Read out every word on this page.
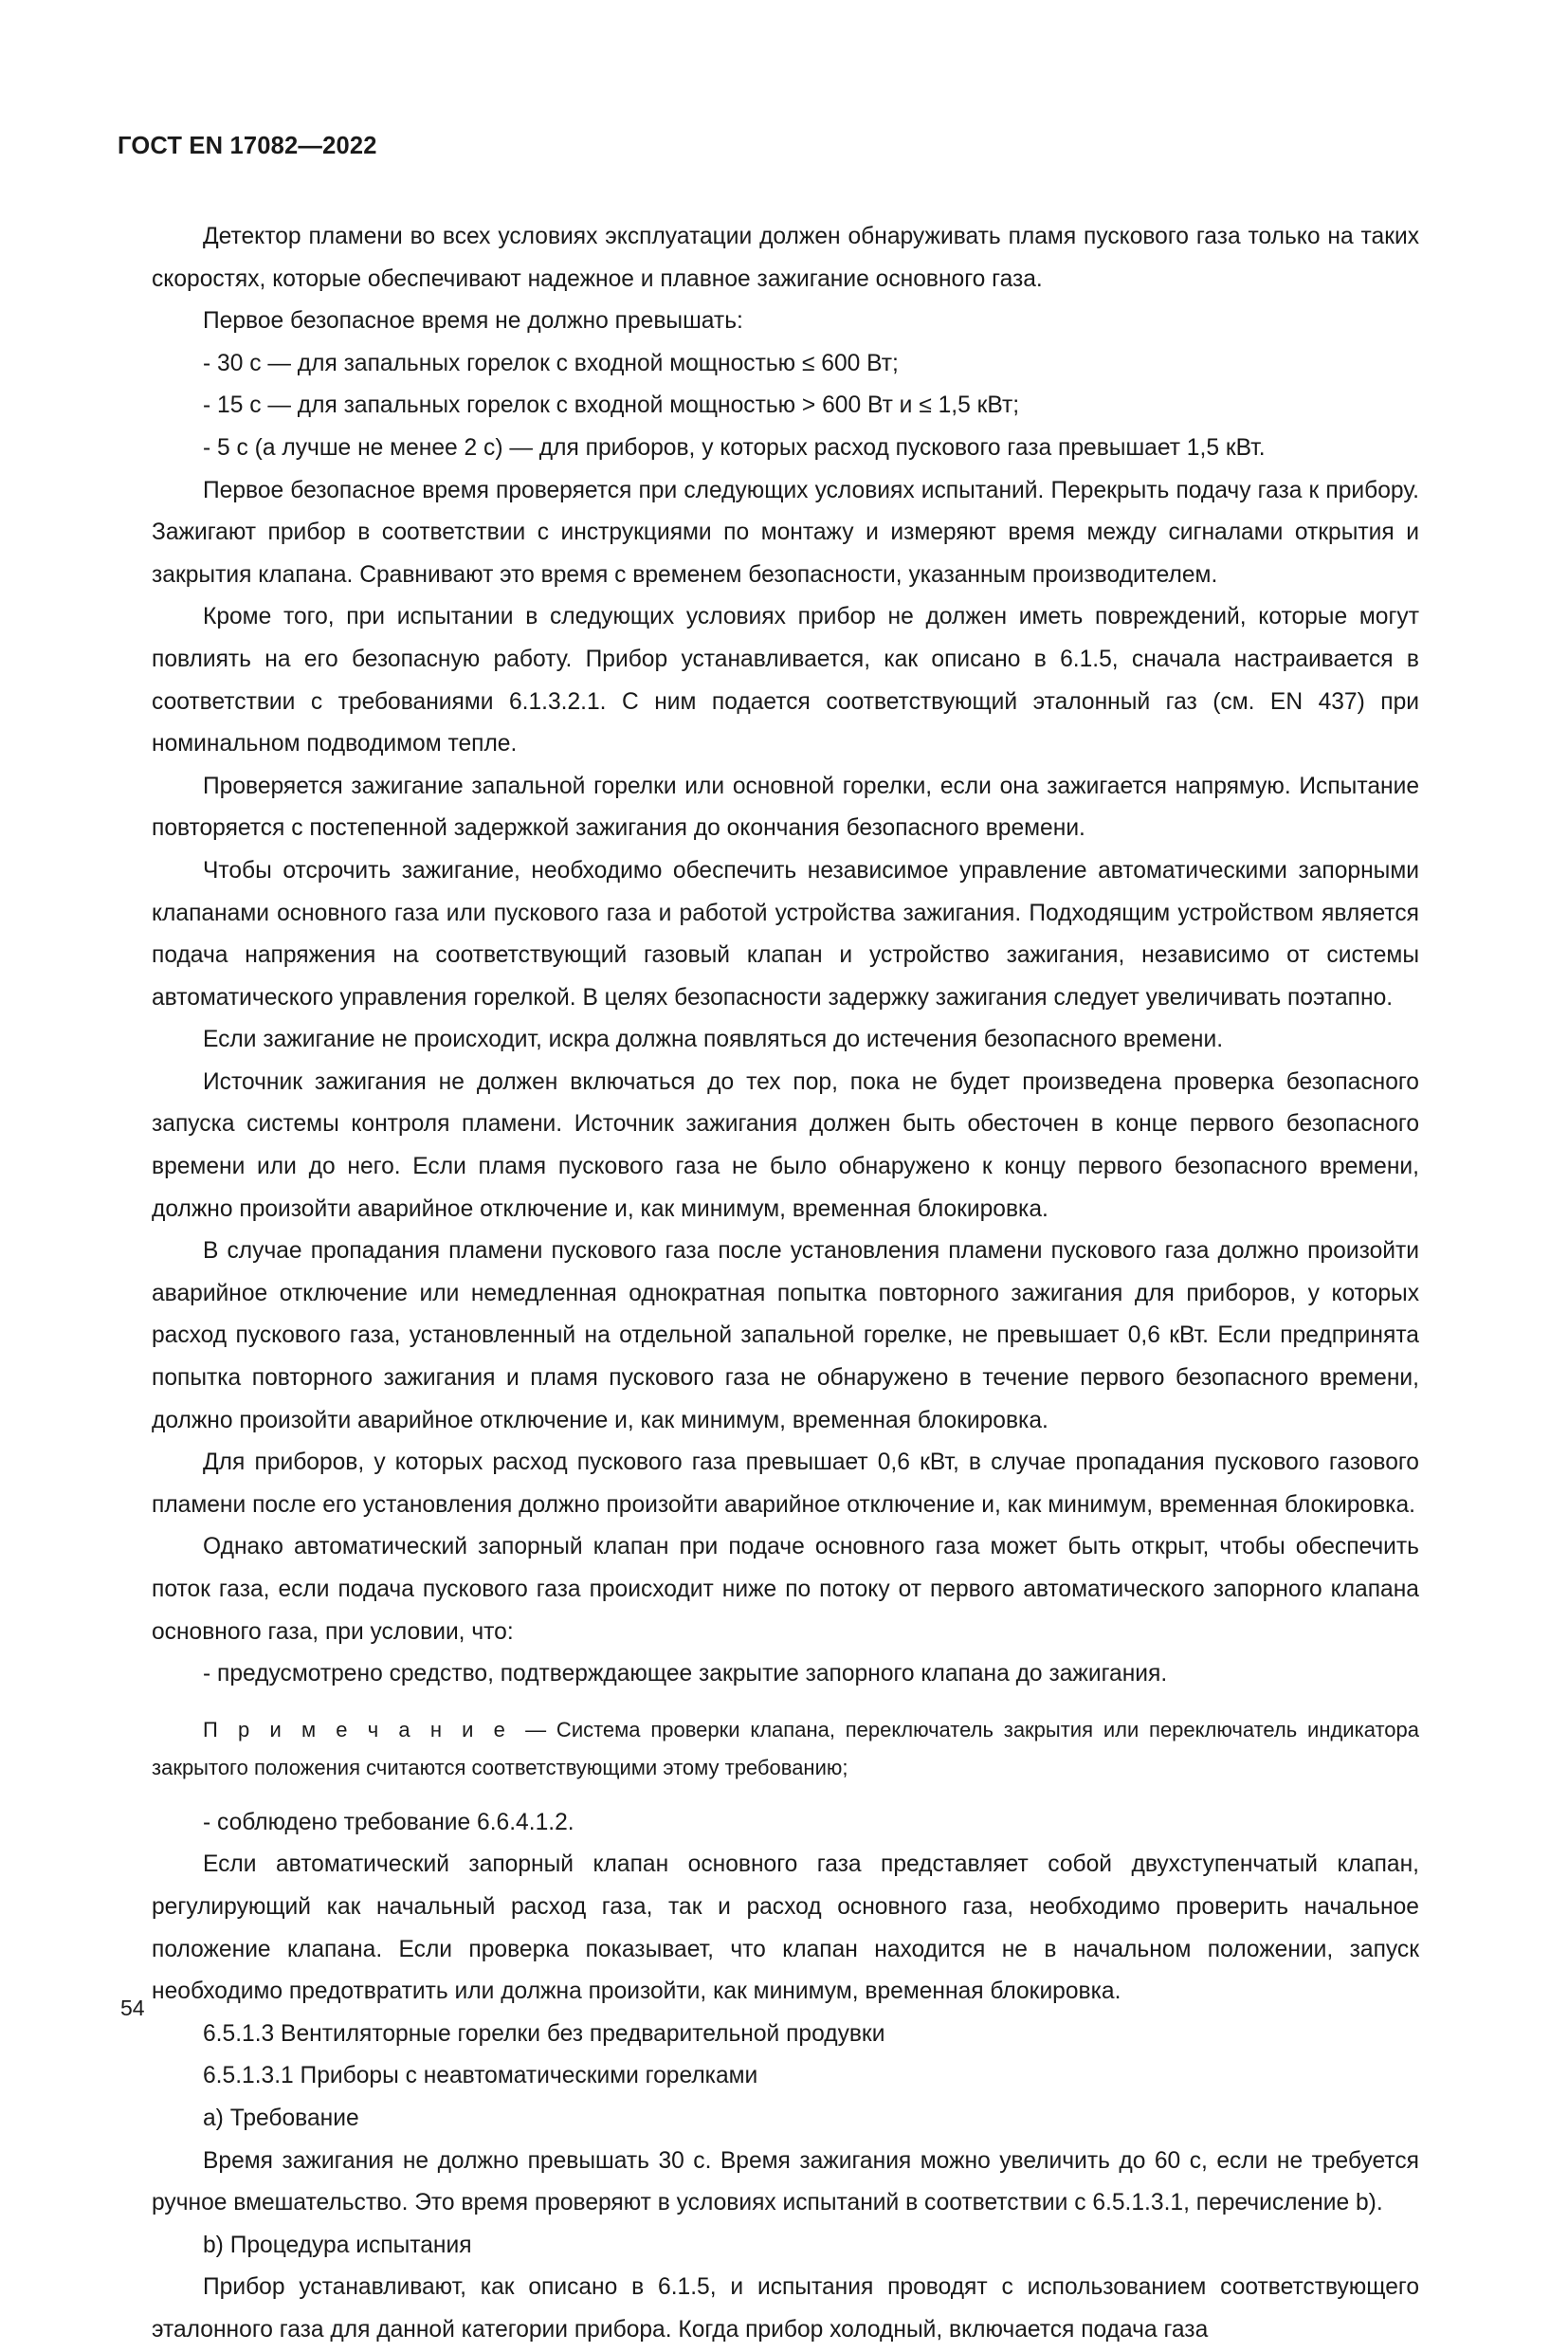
ГОСТ EN 17082—2022

Детектор пламени во всех условиях эксплуатации должен обнаруживать пламя пускового газа только на таких скоростях, которые обеспечивают надежное и плавное зажигание основного газа.

Первое безопасное время не должно превышать:

- 30 с — для запальных горелок с входной мощностью ≤ 600 Вт;

- 15 с — для запальных горелок с входной мощностью > 600 Вт и ≤ 1,5 кВт;

- 5 с (а лучше не менее 2 с) — для приборов, у которых расход пускового газа превышает 1,5 кВт.

Первое безопасное время проверяется при следующих условиях испытаний. Перекрыть подачу газа к прибору. Зажигают прибор в соответствии с инструкциями по монтажу и измеряют время между сигналами открытия и закрытия клапана. Сравнивают это время с временем безопасности, указанным производителем.

Кроме того, при испытании в следующих условиях прибор не должен иметь повреждений, которые могут повлиять на его безопасную работу. Прибор устанавливается, как описано в 6.1.5, сначала настраивается в соответствии с требованиями 6.1.3.2.1. С ним подается соответствующий эталонный газ (см. EN 437) при номинальном подводимом тепле.

Проверяется зажигание запальной горелки или основной горелки, если она зажигается напрямую. Испытание повторяется с постепенной задержкой зажигания до окончания безопасного времени.

Чтобы отсрочить зажигание, необходимо обеспечить независимое управление автоматическими запорными клапанами основного газа или пускового газа и работой устройства зажигания. Подходящим устройством является подача напряжения на соответствующий газовый клапан и устройство зажигания, независимо от системы автоматического управления горелкой. В целях безопасности задержку зажигания следует увеличивать поэтапно.

Если зажигание не происходит, искра должна появляться до истечения безопасного времени.

Источник зажигания не должен включаться до тех пор, пока не будет произведена проверка безопасного запуска системы контроля пламени. Источник зажигания должен быть обесточен в конце первого безопасного времени или до него. Если пламя пускового газа не было обнаружено к концу первого безопасного времени, должно произойти аварийное отключение и, как минимум, временная блокировка.

В случае пропадания пламени пускового газа после установления пламени пускового газа должно произойти аварийное отключение или немедленная однократная попытка повторного зажигания для приборов, у которых расход пускового газа, установленный на отдельной запальной горелке, не превышает 0,6 кВт. Если предпринята попытка повторного зажигания и пламя пускового газа не обнаружено в течение первого безопасного времени, должно произойти аварийное отключение и, как минимум, временная блокировка.

Для приборов, у которых расход пускового газа превышает 0,6 кВт, в случае пропадания пускового газового пламени после его установления должно произойти аварийное отключение и, как минимум, временная блокировка.

Однако автоматический запорный клапан при подаче основного газа может быть открыт, чтобы обеспечить поток газа, если подача пускового газа происходит ниже по потоку от первого автоматического запорного клапана основного газа, при условии, что:

- предусмотрено средство, подтверждающее закрытие запорного клапана до зажигания.

П р и м е ч а н и е — Система проверки клапана, переключатель закрытия или переключатель индикатора закрытого положения считаются соответствующими этому требованию;

- соблюдено требование 6.6.4.1.2.

Если автоматический запорный клапан основного газа представляет собой двухступенчатый клапан, регулирующий как начальный расход газа, так и расход основного газа, необходимо проверить начальное положение клапана. Если проверка показывает, что клапан находится не в начальном положении, запуск необходимо предотвратить или должна произойти, как минимум, временная блокировка.

6.5.1.3 Вентиляторные горелки без предварительной продувки

6.5.1.3.1 Приборы с неавтоматическими горелками

a) Требование

Время зажигания не должно превышать 30 с. Время зажигания можно увеличить до 60 с, если не требуется ручное вмешательство. Это время проверяют в условиях испытаний в соответствии с 6.5.1.3.1, перечисление b).

b) Процедура испытания

Прибор устанавливают, как описано в 6.1.5, и испытания проводят с использованием соответствующего эталонного газа для данной категории прибора. Когда прибор холодный, включается подача газа

54
